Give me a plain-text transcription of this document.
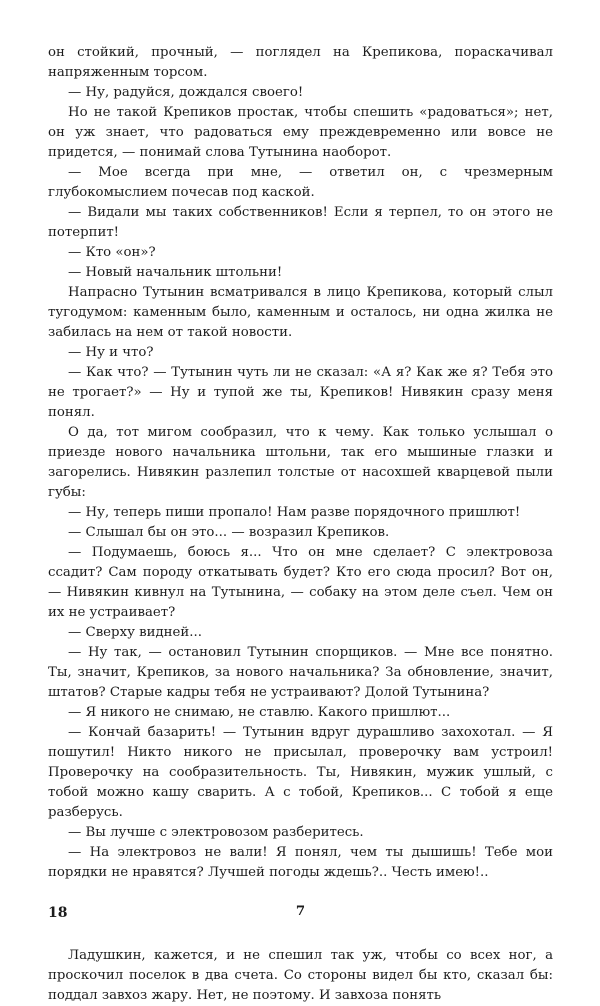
он стойкий, прочный, — поглядел на Крепикова, пораскачивал напряженным торсом.

— Ну, радуйся, дождался своего!

Но не такой Крепиков простак, чтобы спешить «радоваться»; нет, он уж знает, что радоваться ему преждевременно или вовсе не придется, — понимай слова Тутынина наоборот.

— Мое всегда при мне, — ответил он, с чрезмерным глубокомыслием почесав под каской.

— Видали мы таких собственников! Если я терпел, то он этого не потерпит!

— Кто «он»?

— Новый начальник штольни!

Напрасно Тутынин всматривался в лицо Крепикова, который слыл тугодумом: каменным было, каменным и осталось, ни одна жилка не забилась на нем от такой новости.

— Ну и что?

— Как что? — Тутынин чуть ли не сказал: «А я? Как же я? Тебя это не трогает?» — Ну и тупой же ты, Крепиков! Нивякин сразу меня понял.

О да, тот мигом сообразил, что к чему. Как только услышал о приезде нового начальника штольни, так его мышиные глазки и загорелись. Нивякин разлепил толстые от насохшей кварцевой пыли губы:

— Ну, теперь пиши пропало! Нам разве порядочного пришлют!

— Слышал бы он это... — возразил Крепиков.

— Подумаешь, боюсь я... Что он мне сделает? С электровоза ссадит? Сам породу откатывать будет? Кто его сюда просил? Вот он, — Нивякин кивнул на Тутынина, — собаку на этом деле съел. Чем он их не устраивает?

— Сверху видней...

— Ну так, — остановил Тутынин спорщиков. — Мне все понятно. Ты, значит, Крепиков, за нового начальника? За обновление, значит, штатов? Старые кадры тебя не устраивают? Долой Тутынина?

— Я никого не снимаю, не ставлю. Какого пришлют...

— Кончай базарить! — Тутынин вдруг дурашливо захохотал. — Я пошутил! Никто никого не присылал, проверочку вам устроил! Проверочку на сообразительность. Ты, Нивякин, мужик ушлый, с тобой можно кашу сварить. А с тобой, Крепиков... С тобой я еще разберусь.

— Вы лучше с электровозом разберитесь.

— На электровоз не вали! Я понял, чем ты дышишь! Тебе мои порядки не нравятся? Лучшей погоды ждешь?.. Честь имею!..

7

Ладушкин, кажется, и не спешил так уж, чтобы со всех ног, а проскочил поселок в два счета. Со стороны видел бы кто, сказал бы: поддал завхоз жару. Нет, не поэтому. И завхоза понять

18
